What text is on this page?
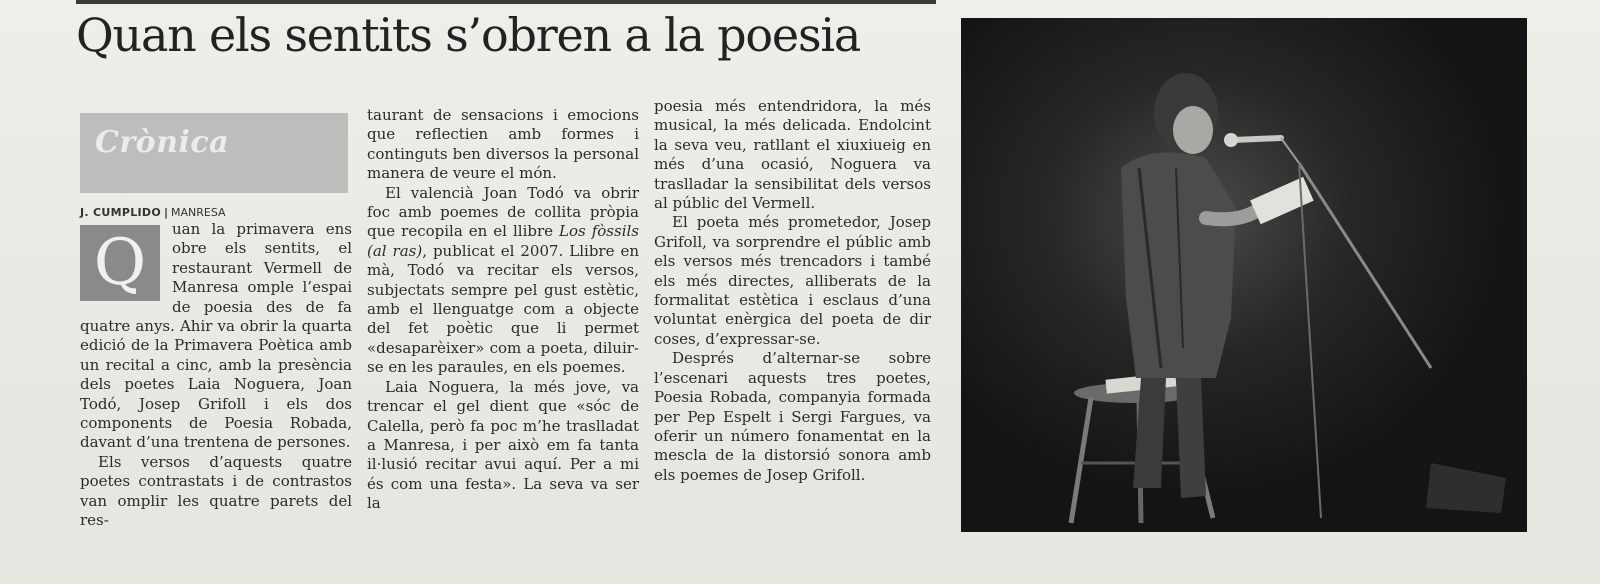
Quan els sentits s’obren a la poesia
Crònica
J. CUMPLIDO | MANRESA

Q	uan la primavera ens obre els sentits, el restaurant Vermell de Manresa omple l’espai de poesia des de fa quatre anys. Ahir va obrir la quarta edició de la Primavera Poètica amb un recital a cinc, amb la presència dels poetes Laia Noguera, Joan Todó, Josep Grifoll i els dos components de Poesia Robada, davant d’una trentena de persones.

Els versos d’aquests quatre poetes contrastats i de contrastos van omplir les quatre parets del res-

taurant de sensacions i emocions que reflectien amb formes i continguts ben diversos la personal manera de veure el món.

El valencià Joan Todó va obrir foc amb poemes de collita pròpia que recopila en el llibre Los fòssils (al ras), publicat el 2007. Llibre en mà, Todó va recitar els versos, subjectats sempre pel gust estètic, amb el llenguatge com a objecte del fet poètic que li permet «desaparèixer» com a poeta, diluir-se en les paraules, en els poemes.

Laia Noguera, la més jove, va trencar el gel dient que «sóc de Calella, però fa poc m’he traslladat a Manresa, i per això em fa tanta il·lusió recitar avui aquí. Per a mi és com una festa». La seva va ser la

poesia més entendridora, la més musical, la més delicada. Endolcint la seva veu, ratllant el xiuxiueig en més d’una ocasió, Noguera va traslladar la sensibilitat dels versos al públic del Vermell.

El poeta més prometedor, Josep Grifoll, va sorprendre el públic amb els versos més trencadors i també els més directes, alliberats de la formalitat estètica i esclaus d’una voluntat enèrgica del poeta de dir coses, d’expressar-se.

Després d’alternar-se sobre l’escenari aquests tres poetes, Poesia Robada, companyia formada per Pep Espelt i Sergi Fargues, va oferir un número fonamentat en la mescla de la distorsió sonora amb els poemes de Josep Grifoll.
